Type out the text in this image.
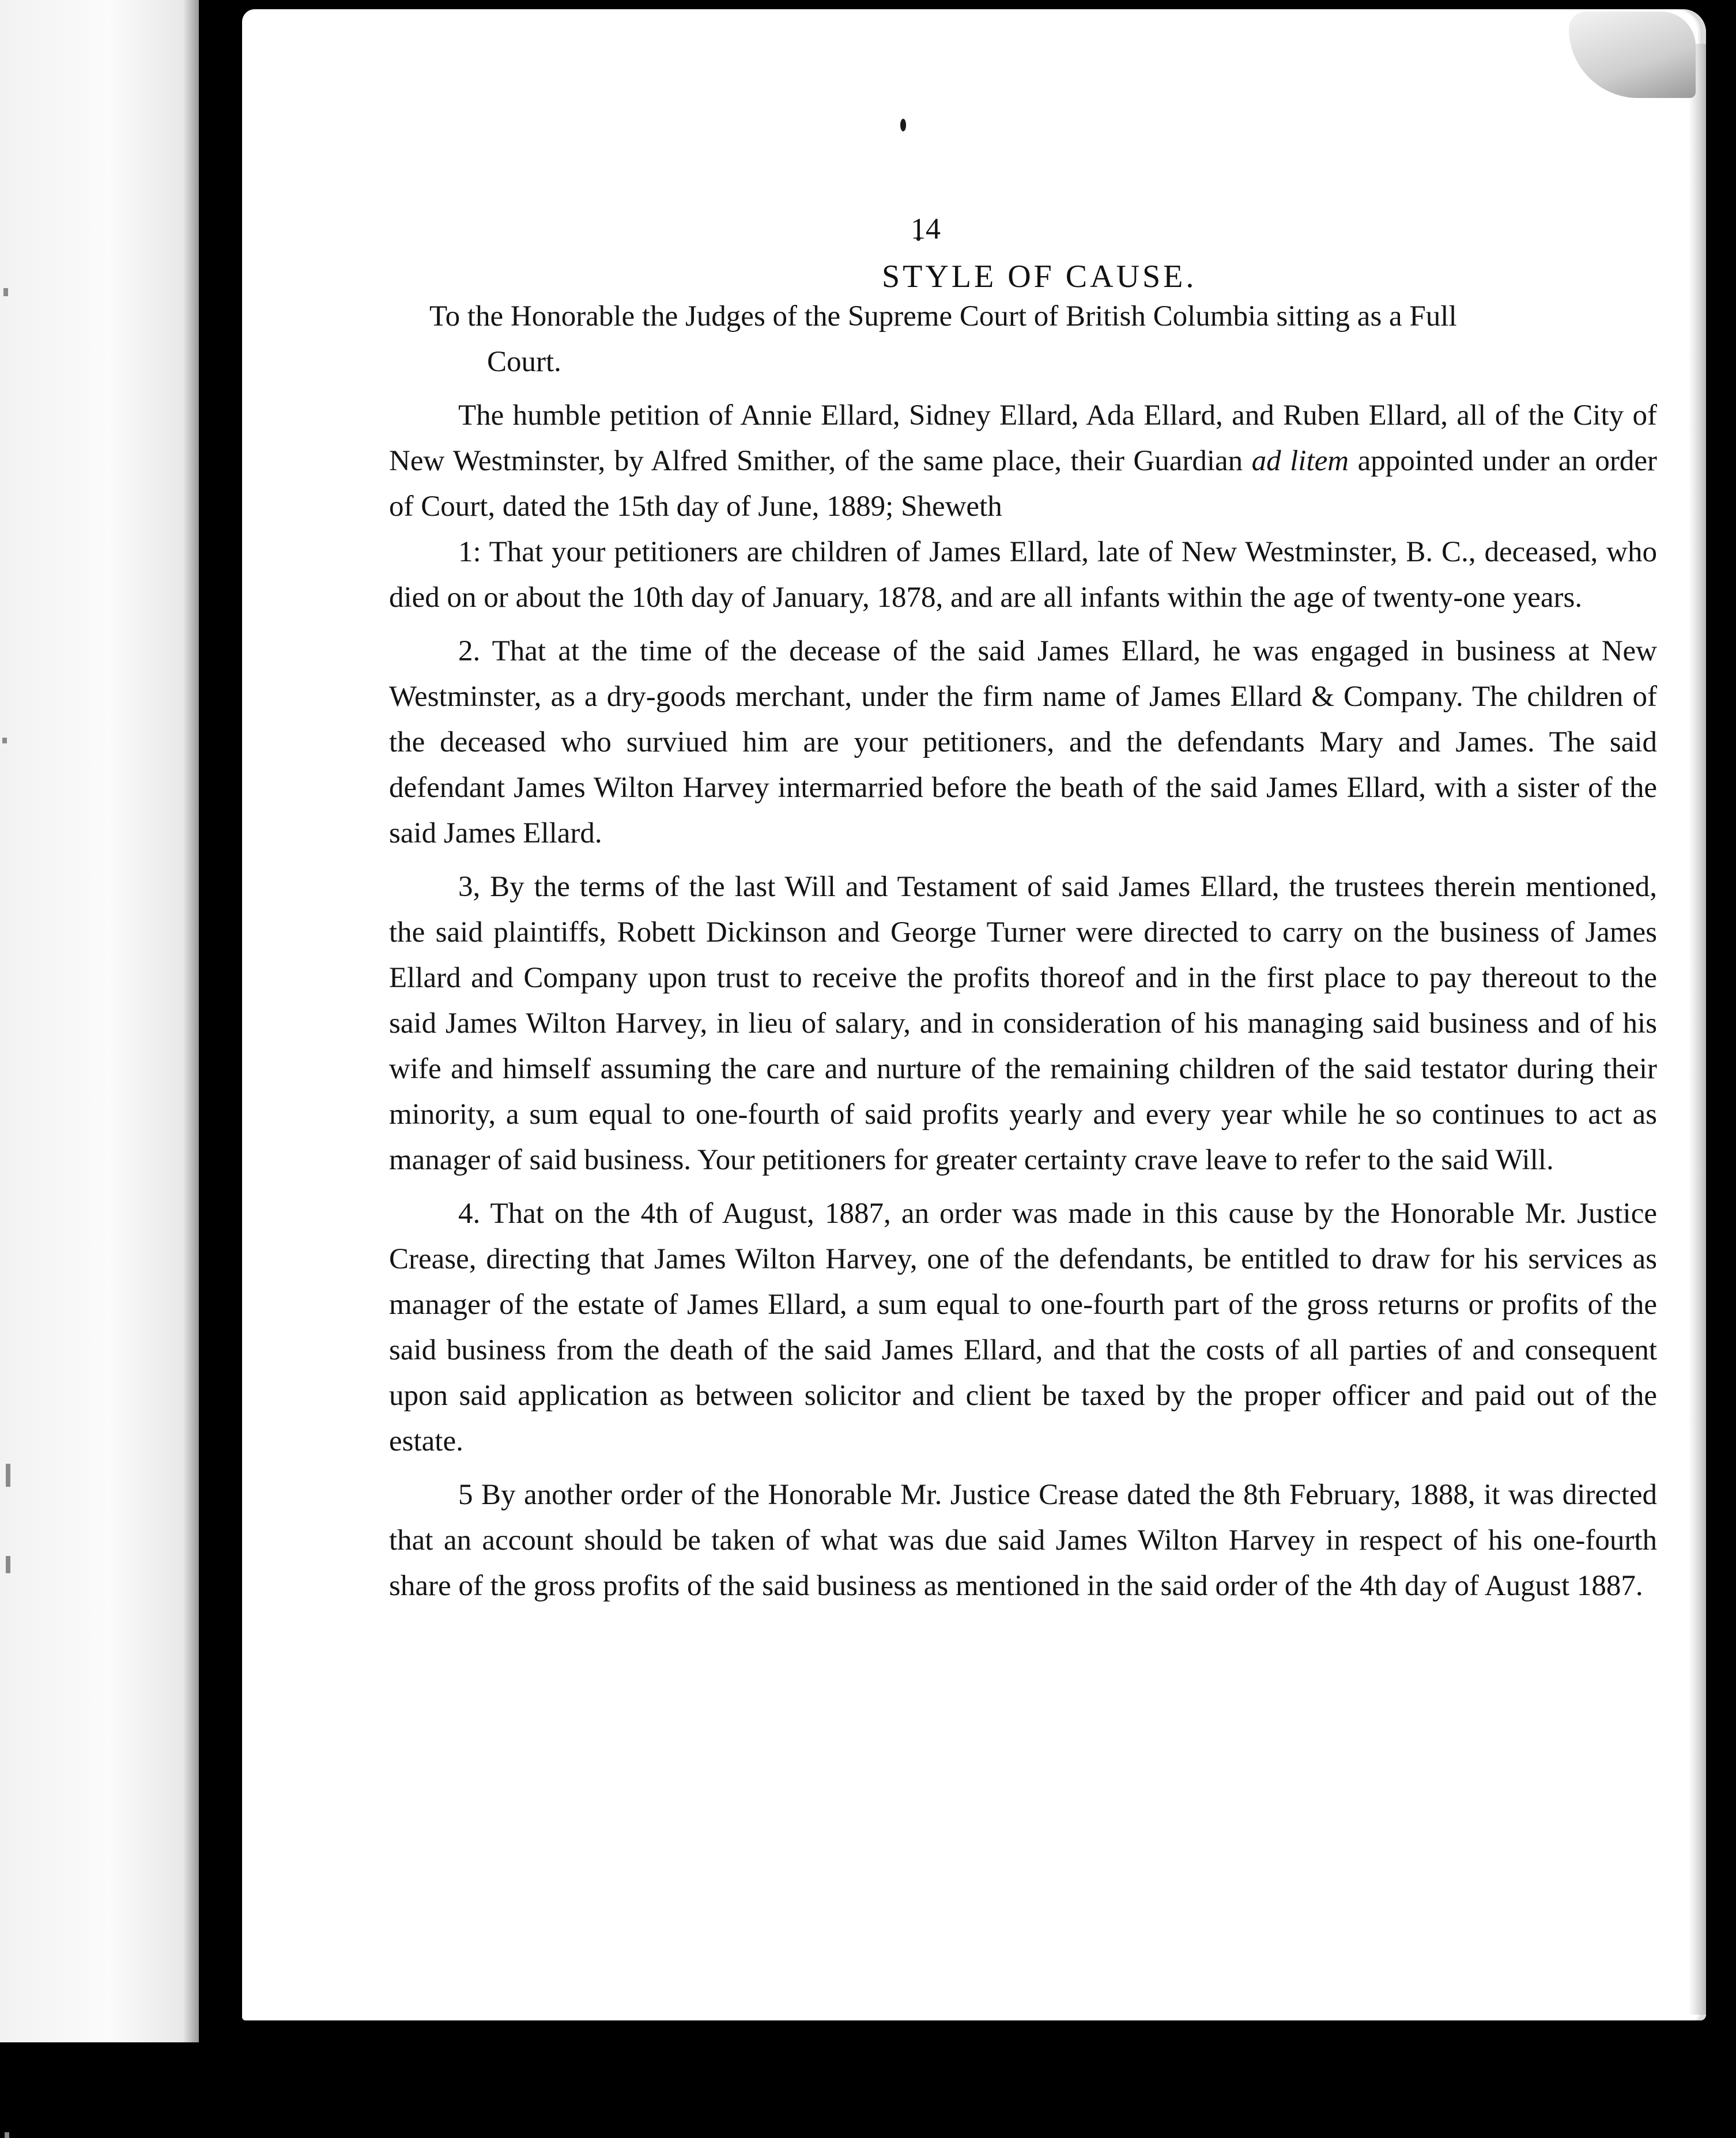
14
STYLE OF CAUSE.

To the Honorable the Judges of the Supreme Court of British Columbia sitting as a Full

Court.

The humble petition of Annie Ellard, Sidney Ellard, Ada Ellard, and Ruben Ellard, all of the City of New Westminster, by Alfred Smither, of the same place, their Guardian ad litem appointed under an order of Court, dated the 15th day of June, 1889; Sheweth

1: That your petitioners are children of James Ellard, late of New Westminster, B. C., deceased, who died on or about the 10th day of January, 1878, and are all infants within the age of twenty-one years.

2. That at the time of the decease of the said James Ellard, he was engaged in business at New Westminster, as a dry-goods merchant, under the firm name of James Ellard & Company. The children of the deceased who surviued him are your petitioners, and the defendants Mary and James. The said defendant James Wilton Harvey intermarried before the beath of the said James Ellard, with a sister of the said James Ellard.

3, By the terms of the last Will and Testament of said James Ellard, the trustees therein mentioned, the said plaintiffs, Robett Dickinson and George Turner were directed to carry on the business of James Ellard and Company upon trust to receive the profits thoreof and in the first place to pay thereout to the said James Wilton Harvey, in lieu of salary, and in consideration of his managing said business and of his wife and himself assuming the care and nurture of the remaining children of the said testator during their minority, a sum equal to one-fourth of said profits yearly and every year while he so continues to act as manager of said business. Your petitioners for greater certainty crave leave to refer to the said Will.

4. That on the 4th of August, 1887, an order was made in this cause by the Honorable Mr. Justice Crease, directing that James Wilton Harvey, one of the defendants, be entitled to draw for his services as manager of the estate of James Ellard, a sum equal to one-fourth part of the gross returns or profits of the said business from the death of the said James Ellard, and that the costs of all parties of and consequent upon said application as between solicitor and client be taxed by the proper officer and paid out of the estate.

5 By another order of the Honorable Mr. Justice Crease dated the 8th February, 1888, it was directed that an account should be taken of what was due said James Wilton Harvey in respect of his one-fourth share of the gross profits of the said business as mentioned in the said order of the 4th day of August 1887.
